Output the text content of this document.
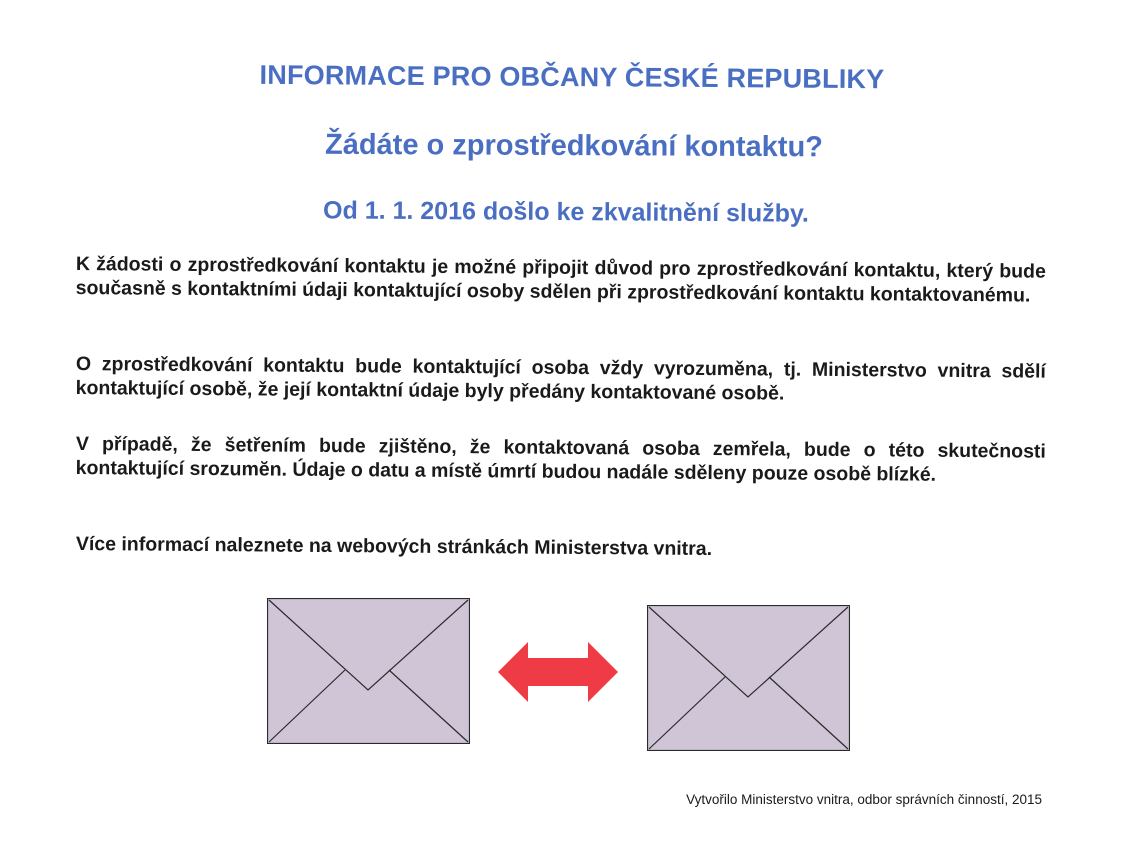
INFORMACE PRO OBČANY ČESKÉ REPUBLIKY
Žádáte o zprostředkování kontaktu?
Od 1. 1. 2016 došlo ke zkvalitnění služby.

K žádosti o zprostředkování kontaktu je možné připojit důvod pro zprostředkování kontaktu, který bude současně s kontaktními údaji kontaktující osoby sdělen při zprostředkování kontaktu kontaktovanému.

O zprostředkování kontaktu bude kontaktující osoba vždy vyrozuměna, tj. Ministerstvo vnitra sdělí kontaktující osobě, že její kontaktní údaje byly předány kontaktované osobě.

V případě, že šetřením bude zjištěno, že kontaktovaná osoba zemřela, bude o této skutečnosti kontaktující srozumĕn. Údaje o datu a místě úmrtí budou nadále sděleny pouze osobě blízké.

Více informací naleznete na webových stránkách Ministerstva vnitra.

Vytvořilo Ministerstvo vnitra, odbor správních činností, 2015
